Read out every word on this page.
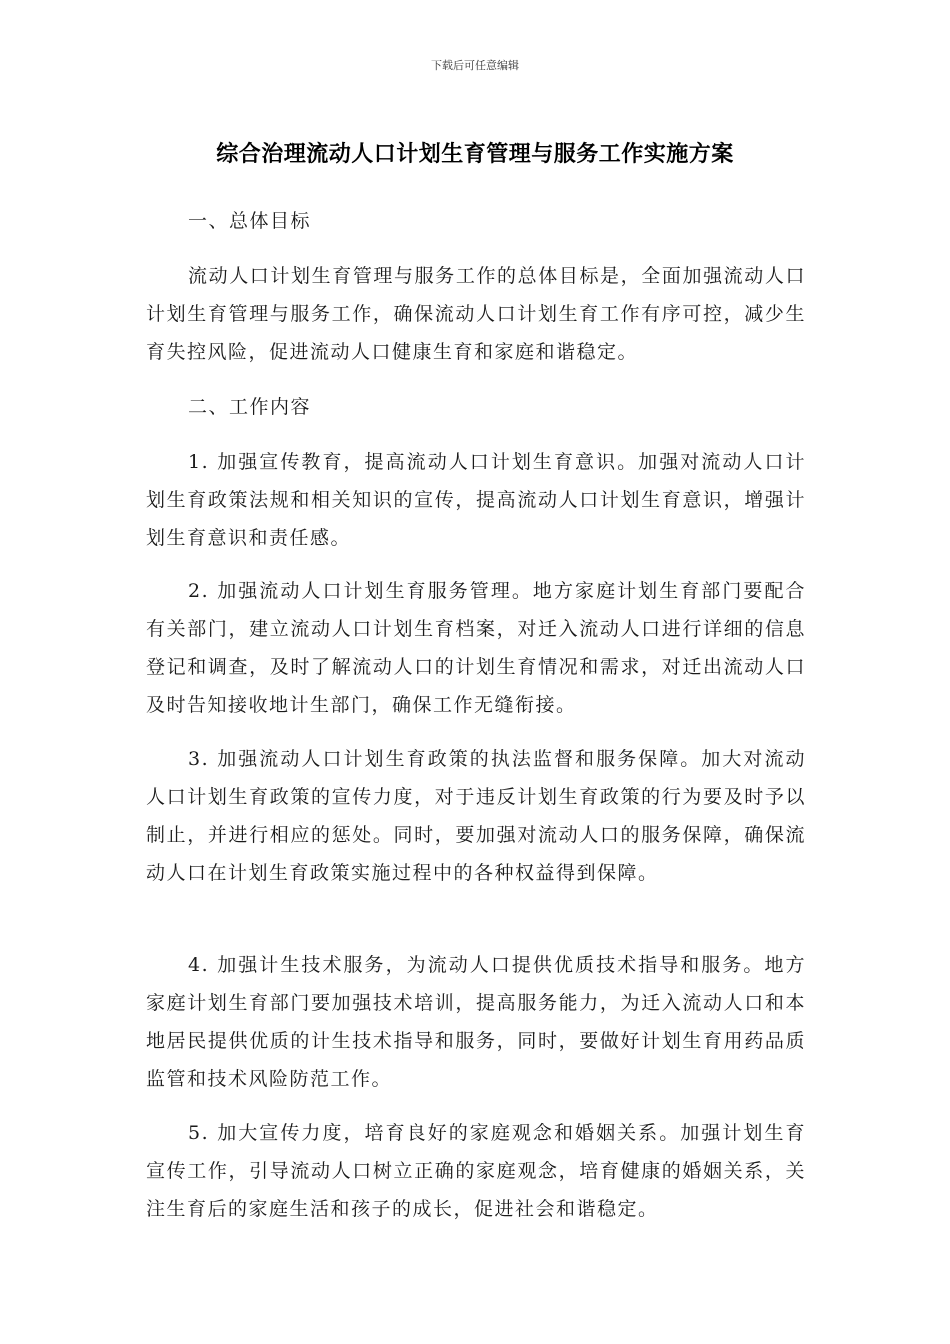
下载后可任意编辑
综合治理流动人口计划生育管理与服务工作实施方案

一、总体目标

流动人口计划生育管理与服务工作的总体目标是，全面加强流动人口计划生育管理与服务工作，确保流动人口计划生育工作有序可控，减少生育失控风险，促进流动人口健康生育和家庭和谐稳定。

二、工作内容

1. 加强宣传教育，提高流动人口计划生育意识。加强对流动人口计划生育政策法规和相关知识的宣传，提高流动人口计划生育意识，增强计划生育意识和责任感。

2. 加强流动人口计划生育服务管理。地方家庭计划生育部门要配合有关部门，建立流动人口计划生育档案，对迁入流动人口进行详细的信息登记和调查，及时了解流动人口的计划生育情况和需求，对迁出流动人口及时告知接收地计生部门，确保工作无缝衔接。

3. 加强流动人口计划生育政策的执法监督和服务保障。加大对流动人口计划生育政策的宣传力度，对于违反计划生育政策的行为要及时予以制止，并进行相应的惩处。同时，要加强对流动人口的服务保障，确保流动人口在计划生育政策实施过程中的各种权益得到保障。

4. 加强计生技术服务，为流动人口提供优质技术指导和服务。地方家庭计划生育部门要加强技术培训，提高服务能力，为迁入流动人口和本地居民提供优质的计生技术指导和服务，同时，要做好计划生育用药品质监管和技术风险防范工作。

5. 加大宣传力度，培育良好的家庭观念和婚姻关系。加强计划生育宣传工作，引导流动人口树立正确的家庭观念，培育健康的婚姻关系，关注生育后的家庭生活和孩子的成长，促进社会和谐稳定。
